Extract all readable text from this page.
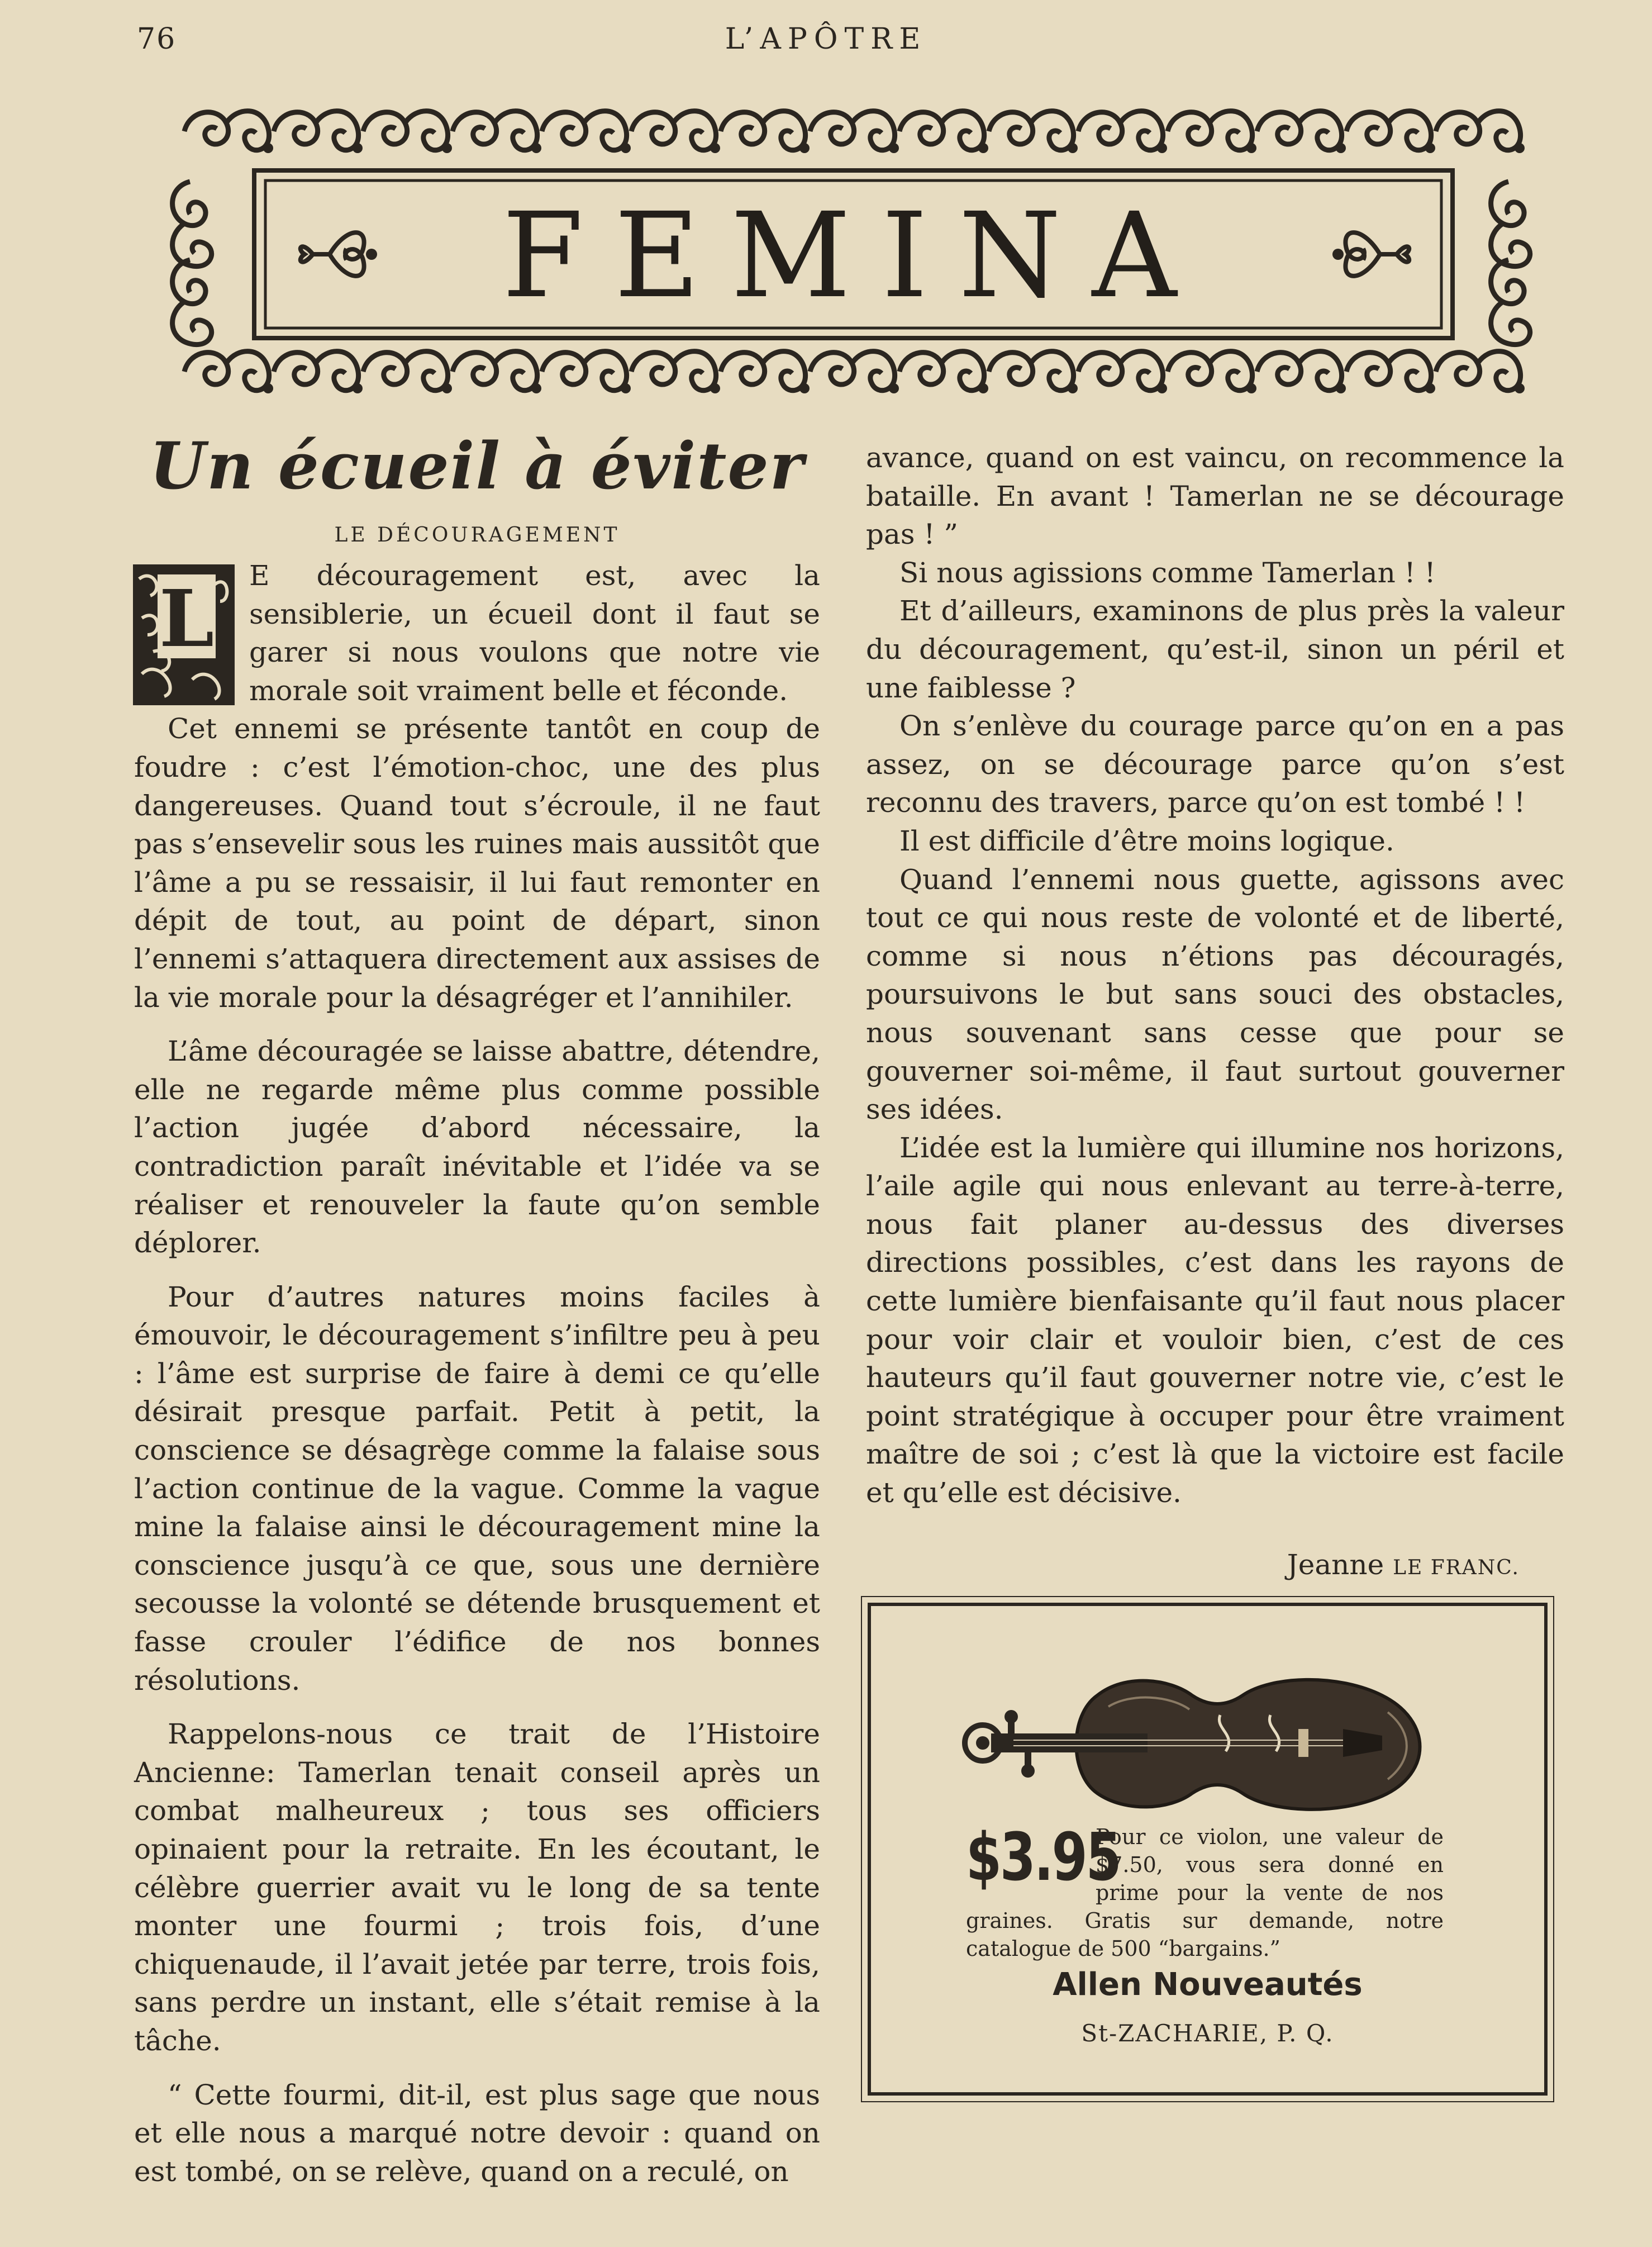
76	L’APÔTRE
FEMINA
Un écueil à éviter
LE DÉCOURAGEMENT
L	E découragement est, avec la sensiblerie, un écueil dont il faut se garer si nous voulons que notre vie morale soit vraiment belle et féconde.

Cet ennemi se présente tantôt en coup de foudre : c’est l’émotion-choc, une des plus dangereuses. Quand tout s’écroule, il ne faut pas s’ensevelir sous les ruines mais aussitôt que l’âme a pu se ressaisir, il lui faut remonter en dépit de tout, au point de départ, sinon l’ennemi s’attaquera directement aux assises de la vie morale pour la désagréger et l’annihiler.

L’âme découragée se laisse abattre, détendre, elle ne regarde même plus comme possible l’action jugée d’abord nécessaire, la contradiction paraît inévitable et l’idée va se réaliser et renouveler la faute qu’on semble déplorer.

Pour d’autres natures moins faciles à émouvoir, le découragement s’infiltre peu à peu : l’âme est surprise de faire à demi ce qu’elle désirait presque parfait. Petit à petit, la conscience se désagrège comme la falaise sous l’action continue de la vague. Comme la vague mine la falaise ainsi le découragement mine la conscience jusqu’à ce que, sous une dernière secousse la volonté se détende brusquement et fasse crouler l’édifice de nos bonnes résolutions.

Rappelons-nous ce trait de l’Histoire Ancienne: Tamerlan tenait conseil après un combat malheureux ; tous ses officiers opinaient pour la retraite. En les écoutant, le célèbre guerrier avait vu le long de sa tente monter une fourmi ; trois fois, d’une chiquenaude, il l’avait jetée par terre, trois fois, sans perdre un instant, elle s’était remise à la tâche.

“ Cette fourmi, dit-il, est plus sage que nous et elle nous a marqué notre devoir : quand on est tombé, on se relève, quand on a reculé, on

avance, quand on est vaincu, on recommence la bataille. En avant ! Tamerlan ne se décourage pas ! ”

Si nous agissions comme Tamerlan ! !

Et d’ailleurs, examinons de plus près la valeur du découragement, qu’est-il, sinon un péril et une faiblesse ?

On s’enlève du courage parce qu’on en a pas assez, on se décourage parce qu’on s’est reconnu des travers, parce qu’on est tombé ! !

Il est difficile d’être moins logique.

Quand l’ennemi nous guette, agissons avec tout ce qui nous reste de volonté et de liberté, comme si nous n’étions pas découragés, poursuivons le but sans souci des obstacles, nous souvenant sans cesse que pour se gouverner soi-même, il faut surtout gouverner ses idées.

L’idée est la lumière qui illumine nos horizons, l’aile agile qui nous enlevant au terre-à-terre, nous fait planer au-dessus des diverses directions possibles, c’est dans les rayons de cette lumière bienfaisante qu’il faut nous placer pour voir clair et vouloir bien, c’est de ces hauteurs qu’il faut gouverner notre vie, c’est le point stratégique à occuper pour être vraiment maître de soi ; c’est là que la victoire est facile et qu’elle est décisive.

Jeanne LE FRANC.

$3.95
Pour ce violon, une valeur de $7.50, vous sera donné en prime pour la vente de nos graines. Gratis sur demande, notre catalogue de 500 “bargains.”
Allen Nouveautés
St-ZACHARIE, P. Q.
